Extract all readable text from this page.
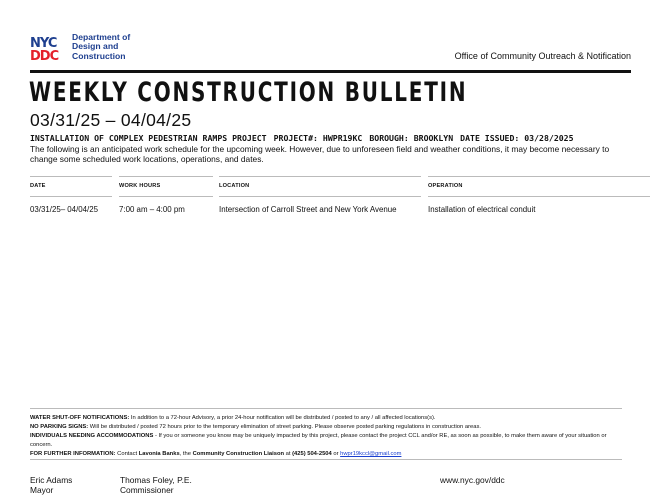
NYC
DDC
Department of
Design and
Construction	Office of Community Outreach & Notification
WEEKLY CONSTRUCTION BULLETIN
03/31/25 – 04/04/25
INSTALLATION OF COMPLEX PEDESTRIAN RAMPS PROJECT PROJECT#: HWPR19KC BOROUGH: BROOKLYN DATE ISSUED: 03/28/2025
The following is an anticipated work schedule for the upcoming week. However, due to unforeseen field and weather conditions, it may become necessary to change some scheduled work locations, operations, and dates.
DATE
03/31/25– 04/04/25
WORK HOURS
7:00 am – 4:00 pm
LOCATION
Intersection of Carroll Street and New York Avenue
OPERATION
Installation of electrical conduit
WATER SHUT-OFF NOTIFICATIONS: In addition to a 72-hour Advisory, a prior 24-hour notification will be distributed / posted to any / all affected locations(s).
NO PARKING SIGNS: Will be distributed / posted 72 hours prior to the temporary elimination of street parking. Please observe posted parking regulations in construction areas.
INDIVIDUALS NEEDING ACCOMMODATIONS - If you or someone you know may be uniquely impacted by this project, please contact the project CCL and/or RE, as soon as possible, to make them aware of your situation or concern.
FOR FURTHER INFORMATION: Contact Lavonia Banks, the Community Construction Liaison at (425) 504-2504 or hwpr19kccl@gmail.com
Eric Adams
Mayor
Thomas Foley, P.E.
Commissioner
www.nyc.gov/ddc
